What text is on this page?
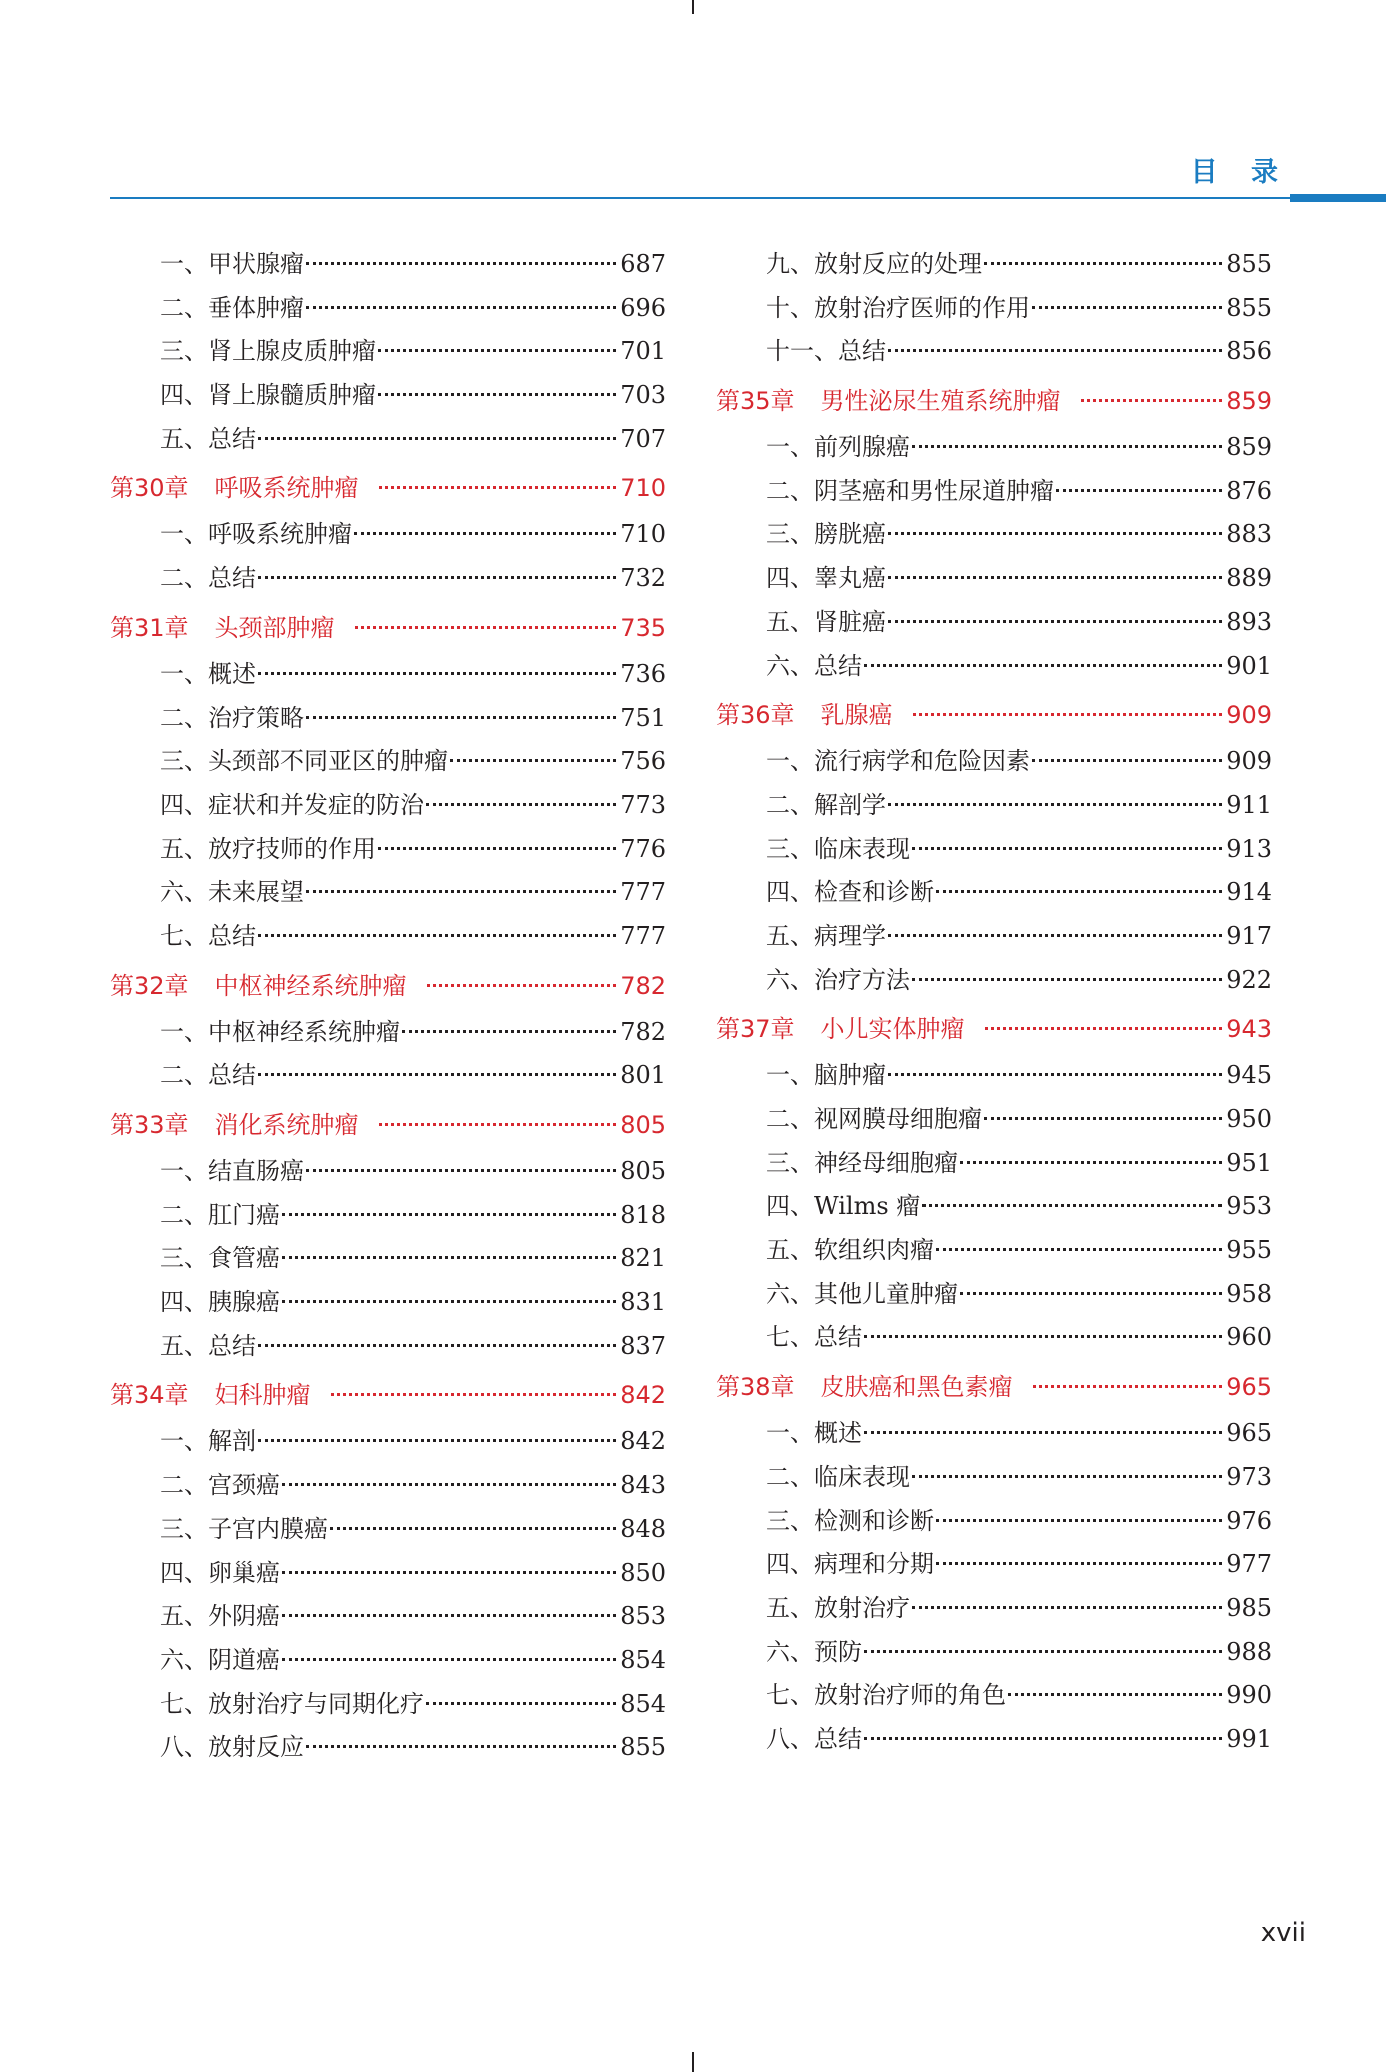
目 录
一、甲状腺瘤	687
二、垂体肿瘤	696
三、肾上腺皮质肿瘤	701
四、肾上腺髓质肿瘤	703
五、总结	707
第30章 呼吸系统肿瘤	710
一、呼吸系统肿瘤	710
二、总结	732
第31章 头颈部肿瘤	735
一、概述	736
二、治疗策略	751
三、头颈部不同亚区的肿瘤	756
四、症状和并发症的防治	773
五、放疗技师的作用	776
六、未来展望	777
七、总结	777
第32章 中枢神经系统肿瘤	782
一、中枢神经系统肿瘤	782
二、总结	801
第33章 消化系统肿瘤	805
一、结直肠癌	805
二、肛门癌	818
三、食管癌	821
四、胰腺癌	831
五、总结	837
第34章 妇科肿瘤	842
一、解剖	842
二、宫颈癌	843
三、子宫内膜癌	848
四、卵巢癌	850
五、外阴癌	853
六、阴道癌	854
七、放射治疗与同期化疗	854
八、放射反应	855
九、放射反应的处理	855
十、放射治疗医师的作用	855
十一、总结	856
第35章 男性泌尿生殖系统肿瘤	859
一、前列腺癌	859
二、阴茎癌和男性尿道肿瘤	876
三、膀胱癌	883
四、睾丸癌	889
五、肾脏癌	893
六、总结	901
第36章 乳腺癌	909
一、流行病学和危险因素	909
二、解剖学	911
三、临床表现	913
四、检查和诊断	914
五、病理学	917
六、治疗方法	922
第37章 小儿实体肿瘤	943
一、脑肿瘤	945
二、视网膜母细胞瘤	950
三、神经母细胞瘤	951
四、Wilms 瘤	953
五、软组织肉瘤	955
六、其他儿童肿瘤	958
七、总结	960
第38章 皮肤癌和黑色素瘤	965
一、概述	965
二、临床表现	973
三、检测和诊断	976
四、病理和分期	977
五、放射治疗	985
六、预防	988
七、放射治疗师的角色	990
八、总结	991
xvii
